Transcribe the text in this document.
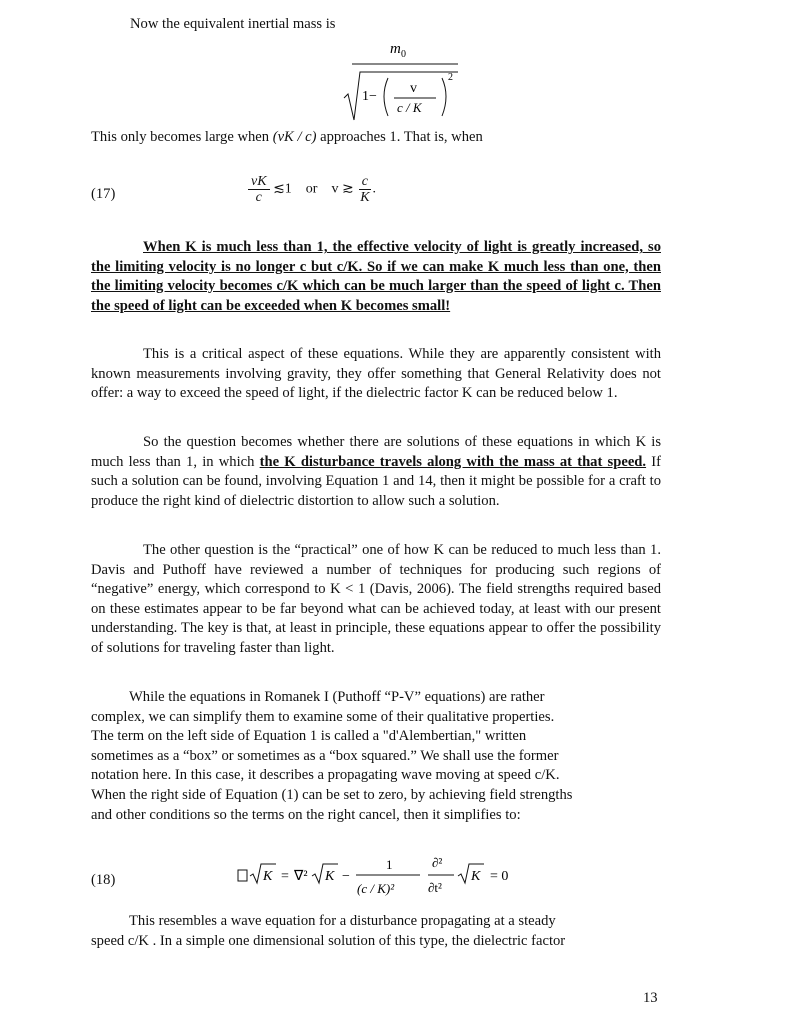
Now the equivalent inertial mass is
m 0
1−
v
c / K
2
This only becomes large when (vK / c) approaches 1. That is, when
(17)	$\frac{vK}{c}$ ≲1 or v ≳ $\frac{c}{K}$ .

When K is much less than 1, the effective velocity of light is greatly increased, so the limiting velocity is no longer c but c/K. So if we can make K much less than one, then the limiting velocity becomes c/K which can be much larger than the speed of light c. Then the speed of light can be exceeded when K becomes small!

This is a critical aspect of these equations. While they are apparently consistent with known measurements involving gravity, they offer something that General Relativity does not offer: a way to exceed the speed of light, if the dielectric factor K can be reduced below 1.

So the question becomes whether there are solutions of these equations in which K is much less than 1, in which the K disturbance travels along with the mass at that speed. If such a solution can be found, involving Equation 1 and 14, then it might be possible for a craft to produce the right kind of dielectric distortion to allow such a solution.

The other question is the “practical” one of how K can be reduced to much less than 1. Davis and Puthoff have reviewed a number of techniques for producing such regions of “negative” energy, which correspond to K < 1 (Davis, 2006). The field strengths required based on these estimates appear to be far beyond what can be achieved today, at least with our present understanding. The key is that, at least in principle, these equations appear to offer the possibility of solutions for traveling faster than light.

While the equations in Romanek I (Puthoff “P-V” equations) are rather
complex, we can simplify them to examine some of their qualitative properties.
The term on the left side of Equation 1 is called a "d'Alembertian," written
sometimes as a “box” or sometimes as a “box squared.” We shall use the former
notation here. In this case, it describes a propagating wave moving at speed c/K.
When the right side of Equation (1) can be set to zero, by achieving field strengths
and other conditions so the terms on the right cancel, then it simplifies to:
(18)	K = ∇² K −
1
(c / K)²
∂²
∂t²
K = 0
This resembles a wave equation for a disturbance propagating at a steady
speed c/K . In a simple one dimensional solution of this type, the dielectric factor
13
